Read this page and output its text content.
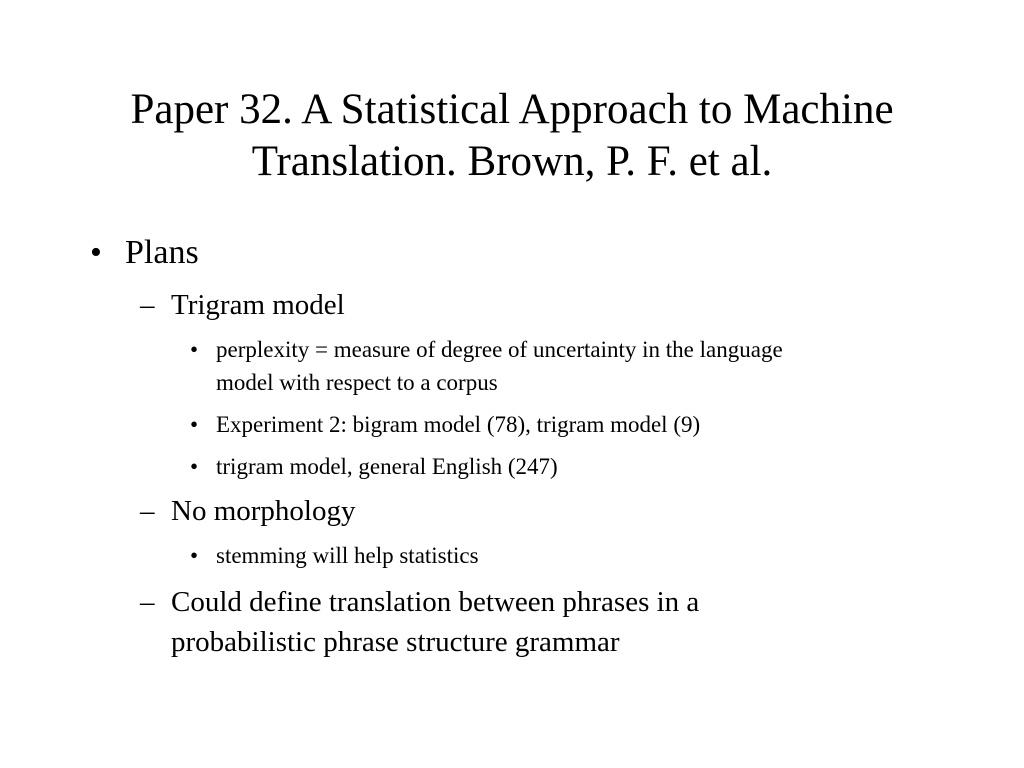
Paper 32. A Statistical Approach to Machine
Translation. Brown, P. F. et al.
• Plans
– Trigram model
• perplexity = measure of degree of uncertainty in the language
model with respect to a corpus
• Experiment 2: bigram model (78), trigram model (9)
• trigram model, general English (247)
– No morphology
• stemming will help statistics
– Could define translation between phrases in a
probabilistic phrase structure grammar
